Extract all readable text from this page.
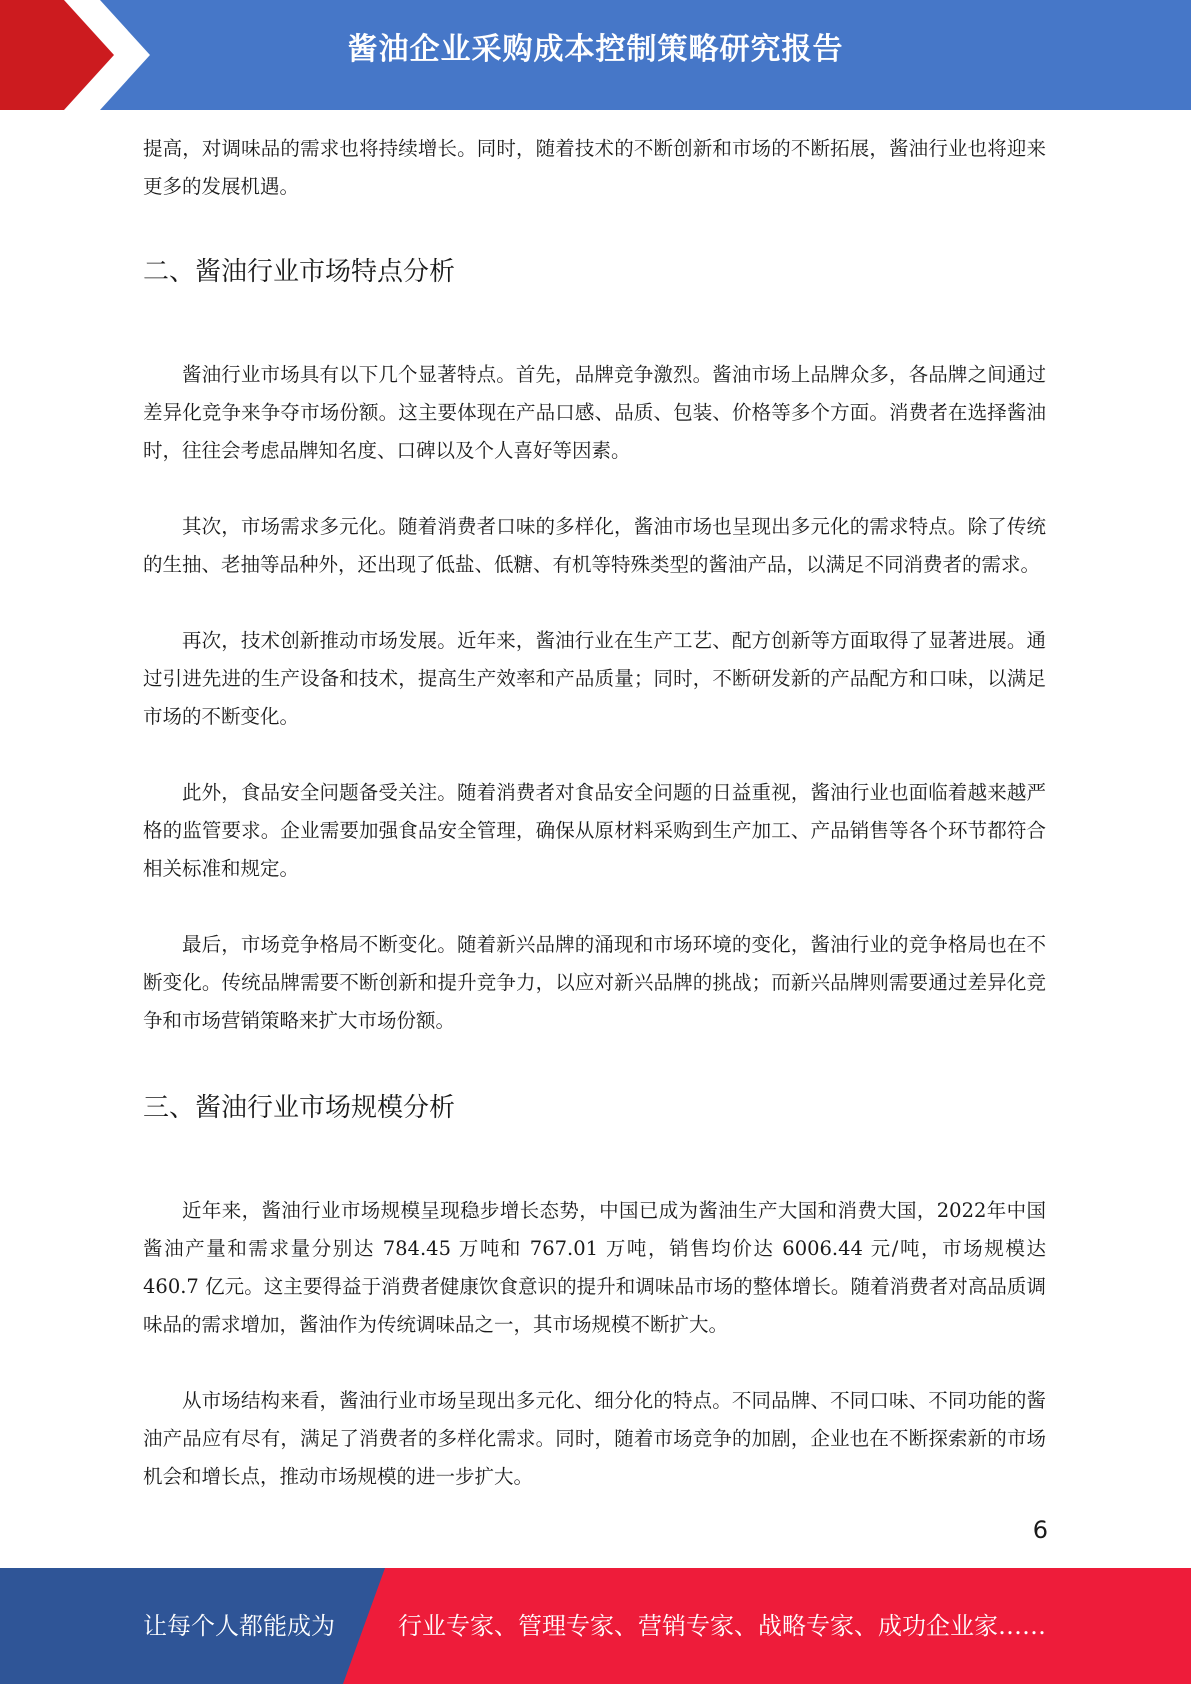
酱油企业采购成本控制策略研究报告

提高，对调味品的需求也将持续增长。同时，随着技术的不断创新和市场的不断拓展，酱油行业也将迎来更多的发展机遇。

二、酱油行业市场特点分析

酱油行业市场具有以下几个显著特点。首先，品牌竞争激烈。酱油市场上品牌众多，各品牌之间通过差异化竞争来争夺市场份额。这主要体现在产品口感、品质、包装、价格等多个方面。消费者在选择酱油时，往往会考虑品牌知名度、口碑以及个人喜好等因素。

其次，市场需求多元化。随着消费者口味的多样化，酱油市场也呈现出多元化的需求特点。除了传统的生抽、老抽等品种外，还出现了低盐、低糖、有机等特殊类型的酱油产品，以满足不同消费者的需求。

再次，技术创新推动市场发展。近年来，酱油行业在生产工艺、配方创新等方面取得了显著进展。通过引进先进的生产设备和技术，提高生产效率和产品质量；同时，不断研发新的产品配方和口味，以满足市场的不断变化。

此外，食品安全问题备受关注。随着消费者对食品安全问题的日益重视，酱油行业也面临着越来越严格的监管要求。企业需要加强食品安全管理，确保从原材料采购到生产加工、产品销售等各个环节都符合相关标准和规定。

最后，市场竞争格局不断变化。随着新兴品牌的涌现和市场环境的变化，酱油行业的竞争格局也在不断变化。传统品牌需要不断创新和提升竞争力，以应对新兴品牌的挑战；而新兴品牌则需要通过差异化竞争和市场营销策略来扩大市场份额。

三、酱油行业市场规模分析

近年来，酱油行业市场规模呈现稳步增长态势，中国已成为酱油生产大国和消费大国，2022年中国酱油产量和需求量分别达 784.45 万吨和 767.01 万吨，销售均价达 6006.44 元/吨，市场规模达 460.7 亿元。这主要得益于消费者健康饮食意识的提升和调味品市场的整体增长。随着消费者对高品质调味品的需求增加，酱油作为传统调味品之一，其市场规模不断扩大。

从市场结构来看，酱油行业市场呈现出多元化、细分化的特点。不同品牌、不同口味、不同功能的酱油产品应有尽有，满足了消费者的多样化需求。同时，随着市场竞争的加剧，企业也在不断探索新的市场机会和增长点，推动市场规模的进一步扩大。

6
让每个人都能成为	行业专家、管理专家、营销专家、战略专家、成功企业家……
